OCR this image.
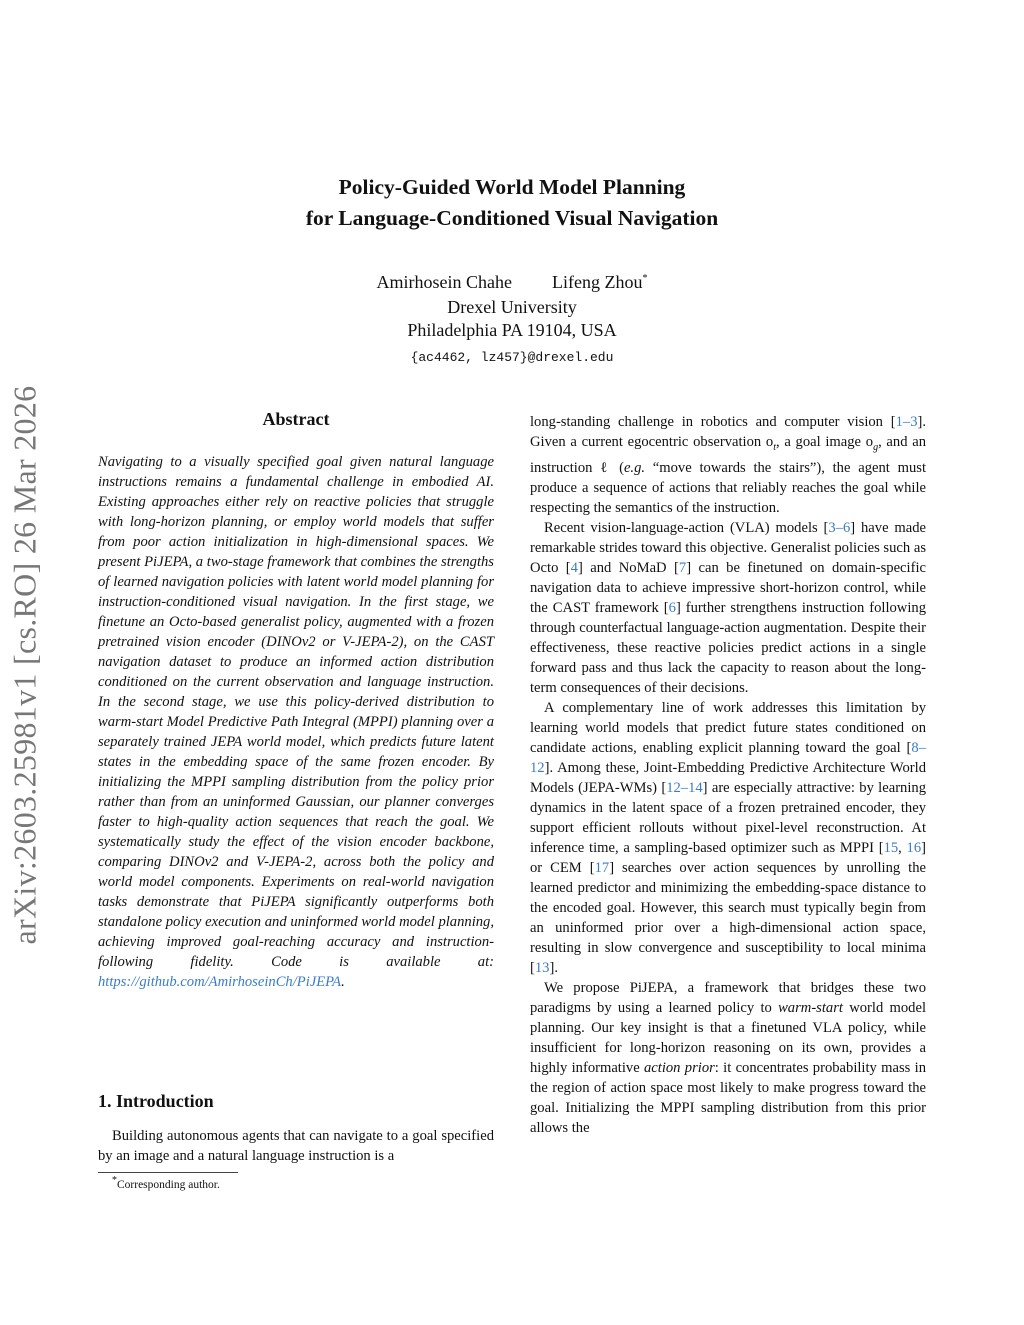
arXiv:2603.25981v1 [cs.RO] 26 Mar 2026
Policy-Guided World Model Planning
for Language-Conditioned Visual Navigation
Amirhosein Chahe Lifeng Zhou*
Drexel University
Philadelphia PA 19104, USA
{ac4462, lz457}@drexel.edu
Abstract

Navigating to a visually specified goal given natural language instructions remains a fundamental challenge in embodied AI. Existing approaches either rely on reactive policies that struggle with long-horizon planning, or employ world models that suffer from poor action initialization in high-dimensional spaces. We present PiJEPA, a two-stage framework that combines the strengths of learned navigation policies with latent world model planning for instruction-conditioned visual navigation. In the first stage, we finetune an Octo-based generalist policy, augmented with a frozen pretrained vision encoder (DINOv2 or V-JEPA-2), on the CAST navigation dataset to produce an informed action distribution conditioned on the current observation and language instruction. In the second stage, we use this policy-derived distribution to warm-start Model Predictive Path Integral (MPPI) planning over a separately trained JEPA world model, which predicts future latent states in the embedding space of the same frozen encoder. By initializing the MPPI sampling distribution from the policy prior rather than from an uninformed Gaussian, our planner converges faster to high-quality action sequences that reach the goal. We systematically study the effect of the vision encoder backbone, comparing DINOv2 and V-JEPA-2, across both the policy and world model components. Experiments on real-world navigation tasks demonstrate that PiJEPA significantly outperforms both standalone policy execution and uninformed world model planning, achieving improved goal-reaching accuracy and instruction-following fidelity. Code is available at: https://github.com/AmirhoseinCh/PiJEPA.

1. Introduction

Building autonomous agents that can navigate to a goal specified by an image and a natural language instruction is a

*Corresponding author.

long-standing challenge in robotics and computer vision [1–3]. Given a current egocentric observation $o_t$, a goal image $o_g$, and an instruction ℓ (e.g. “move towards the stairs”), the agent must produce a sequence of actions that reliably reaches the goal while respecting the semantics of the instruction.

Recent vision-language-action (VLA) models [3–6] have made remarkable strides toward this objective. Generalist policies such as Octo [4] and NoMaD [7] can be finetuned on domain-specific navigation data to achieve impressive short-horizon control, while the CAST framework [6] further strengthens instruction following through counterfactual language-action augmentation. Despite their effectiveness, these reactive policies predict actions in a single forward pass and thus lack the capacity to reason about the long-term consequences of their decisions.

A complementary line of work addresses this limitation by learning world models that predict future states conditioned on candidate actions, enabling explicit planning toward the goal [8–12]. Among these, Joint-Embedding Predictive Architecture World Models (JEPA-WMs) [12–14] are especially attractive: by learning dynamics in the latent space of a frozen pretrained encoder, they support efficient rollouts without pixel-level reconstruction. At inference time, a sampling-based optimizer such as MPPI [15, 16] or CEM [17] searches over action sequences by unrolling the learned predictor and minimizing the embedding-space distance to the encoded goal. However, this search must typically begin from an uninformed prior over a high-dimensional action space, resulting in slow convergence and susceptibility to local minima [13].

We propose PiJEPA, a framework that bridges these two paradigms by using a learned policy to warm-start world model planning. Our key insight is that a finetuned VLA policy, while insufficient for long-horizon reasoning on its own, provides a highly informative action prior: it concentrates probability mass in the region of action space most likely to make progress toward the goal. Initializing the MPPI sampling distribution from this prior allows the
